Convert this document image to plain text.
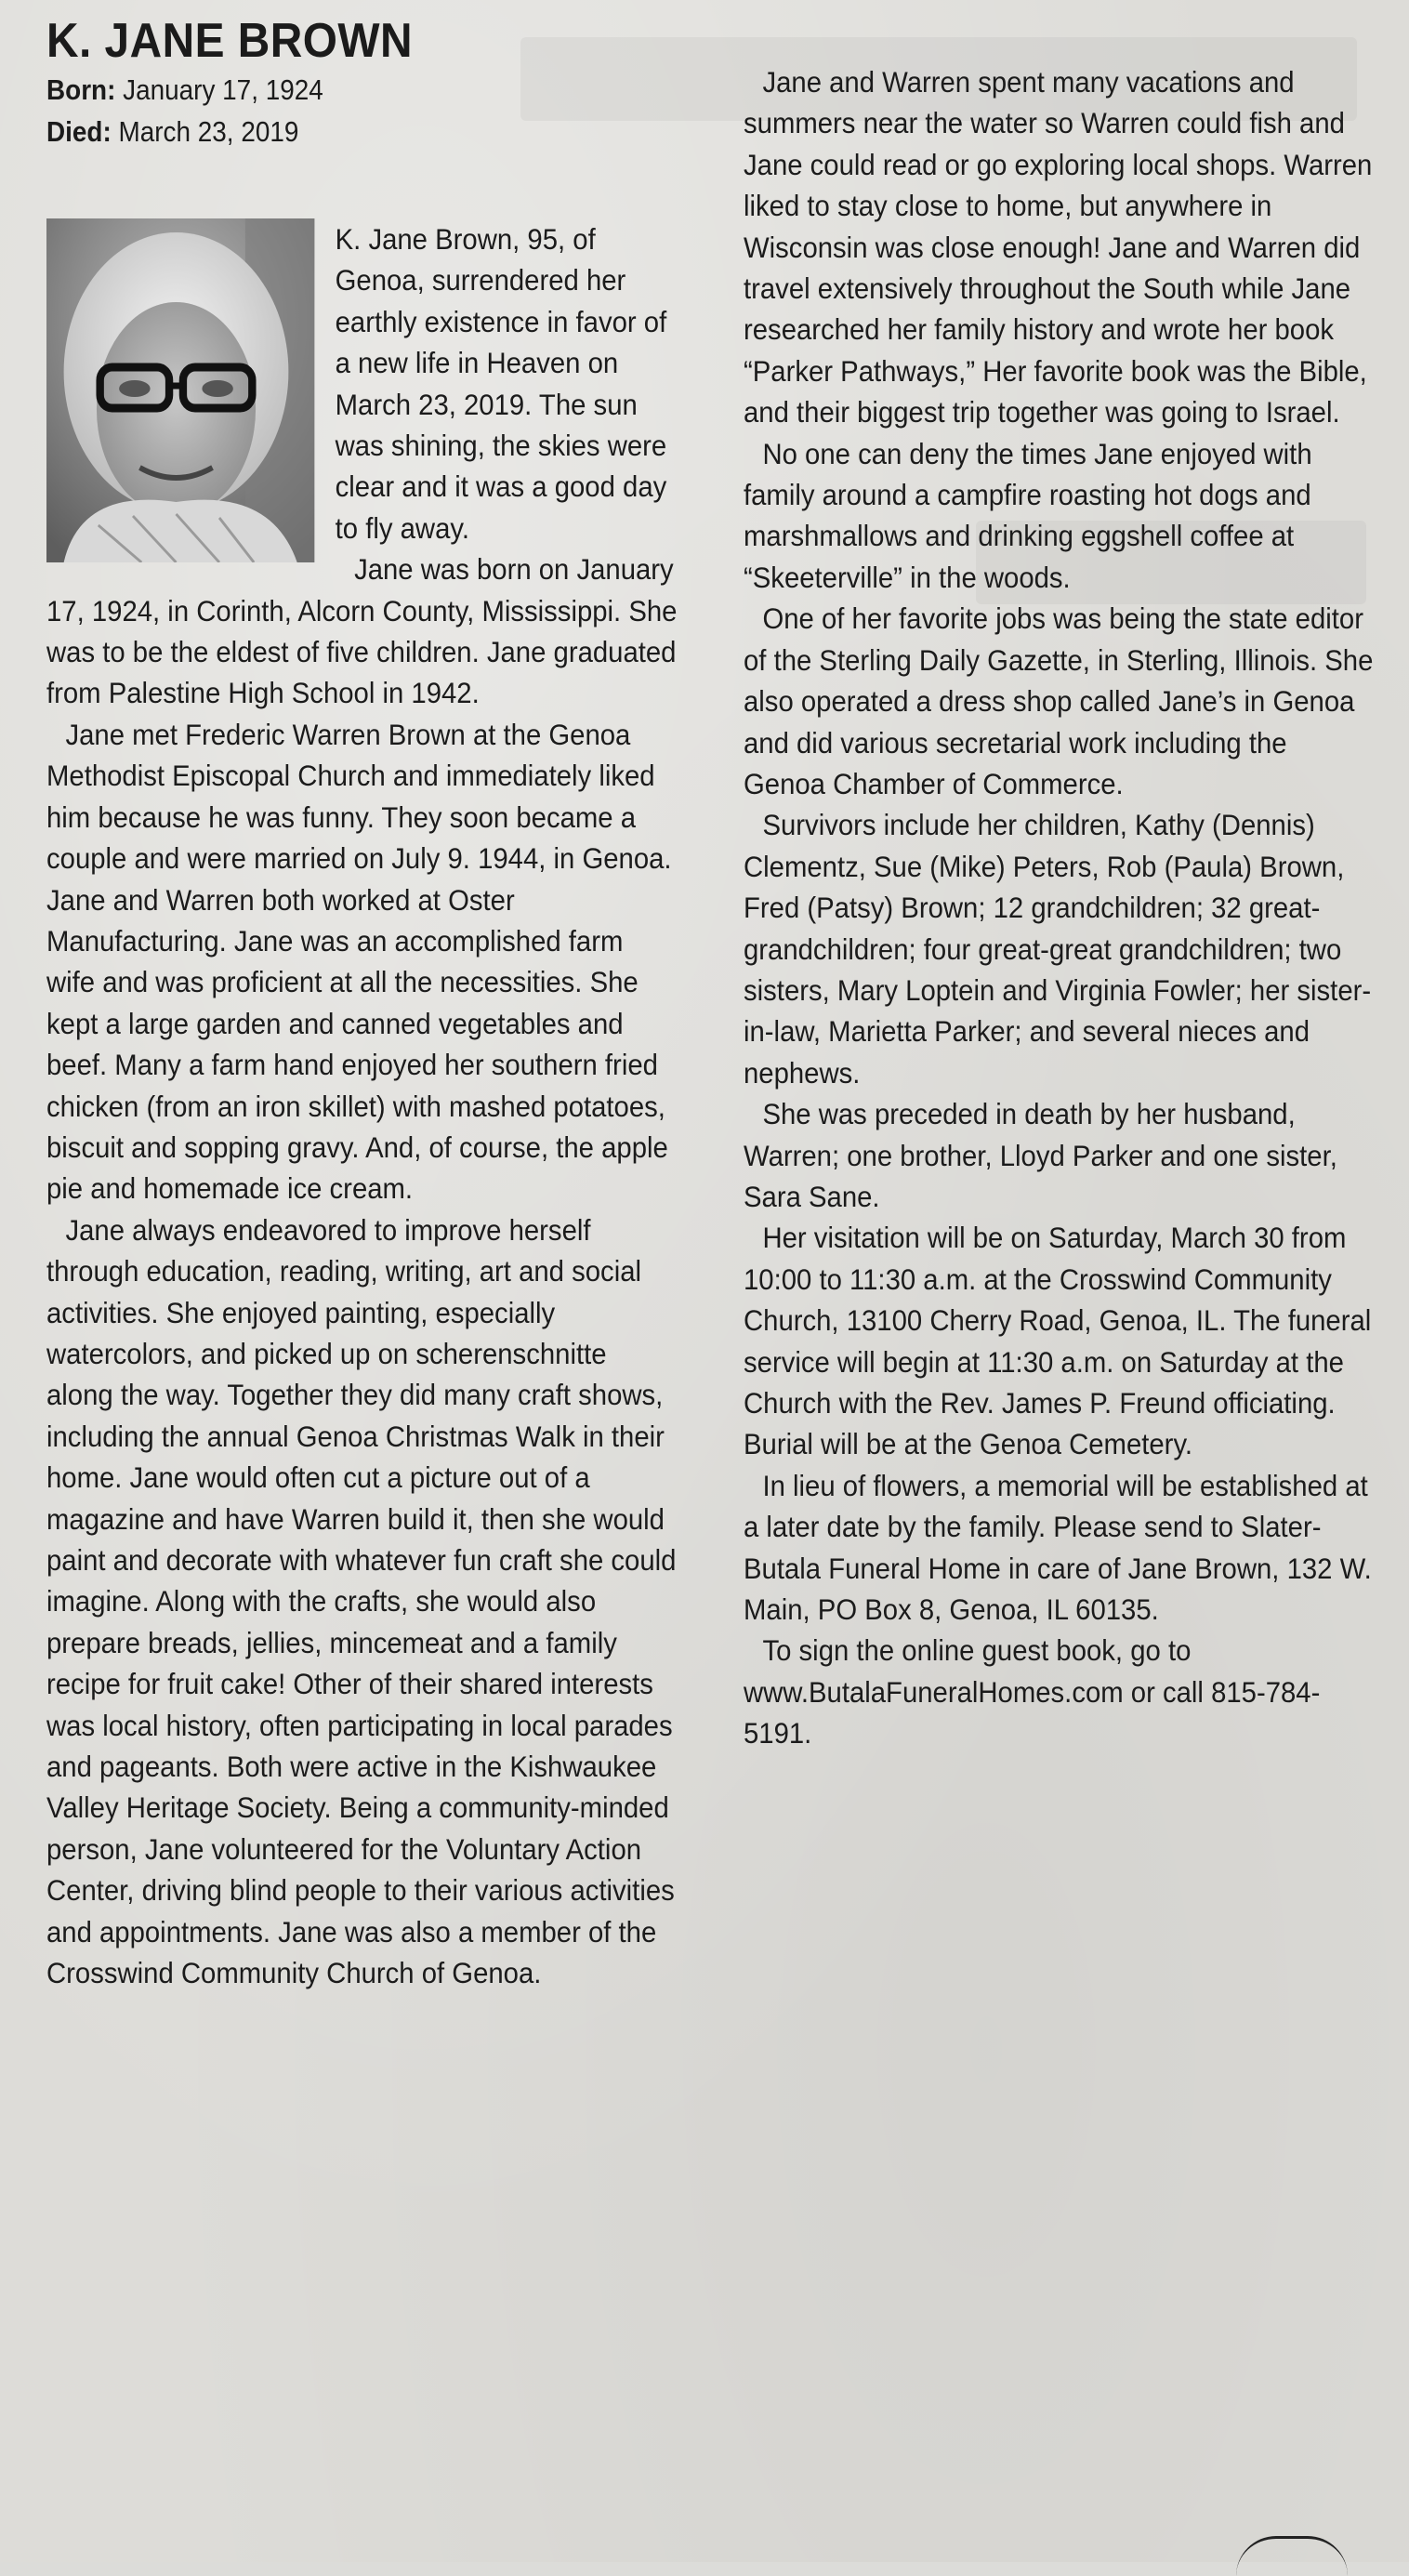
K. JANE BROWN
Born: January 17, 1924
Died: March 23, 2019

K. Jane Brown, 95, of Genoa, surrendered her earthly existence in favor of a new life in Heaven on March 23, 2019. The sun was shining, the skies were clear and it was a good day to fly away.

Jane was born on January 17, 1924, in Corinth, Alcorn County, Mississippi. She was to be the eldest of five children. Jane graduated from Palestine High School in 1942.

Jane met Frederic Warren Brown at the Genoa Methodist Episcopal Church and immediately liked him because he was funny. They soon became a couple and were married on July 9. 1944, in Genoa. Jane and Warren both worked at Oster Manufacturing. Jane was an accomplished farm wife and was proficient at all the necessities. She kept a large garden and canned vegetables and beef. Many a farm hand enjoyed her southern fried chicken (from an iron skillet) with mashed potatoes, biscuit and sopping gravy. And, of course, the apple pie and homemade ice cream.

Jane always endeavored to improve herself through education, reading, writing, art and social activities. She enjoyed painting, especially watercolors, and picked up on scherenschnitte along the way. Together they did many craft shows, including the annual Genoa Christmas Walk in their home. Jane would often cut a picture out of a magazine and have Warren build it, then she would paint and decorate with whatever fun craft she could imagine. Along with the crafts, she would also prepare breads, jellies, mincemeat and a family recipe for fruit cake! Other of their shared interests was local history, often participating in local parades and pageants. Both were active in the Kishwaukee Valley Heritage Society. Being a community-minded person, Jane volunteered for the Voluntary Action Center, driving blind people to their various activities and appointments. Jane was also a member of the Crosswind Community Church of Genoa.

Jane and Warren spent many vacations and summers near the water so Warren could fish and Jane could read or go exploring local shops. Warren liked to stay close to home, but anywhere in Wisconsin was close enough! Jane and Warren did travel extensively throughout the South while Jane researched her family history and wrote her book “Parker Pathways,” Her favorite book was the Bible, and their biggest trip together was going to Israel.

No one can deny the times Jane enjoyed with family around a campfire roasting hot dogs and marshmallows and drinking eggshell coffee at “Skeeterville” in the woods.

One of her favorite jobs was being the state editor of the Sterling Daily Gazette, in Sterling, Illinois. She also operated a dress shop called Jane’s in Genoa and did various secretarial work including the Genoa Chamber of Commerce.

Survivors include her children, Kathy (Dennis) Clementz, Sue (Mike) Peters, Rob (Paula) Brown, Fred (Patsy) Brown; 12 grandchildren; 32 great-grandchildren; four great-great grandchildren; two sisters, Mary Loptein and Virginia Fowler; her sister-in-law, Marietta Parker; and several nieces and nephews.

She was preceded in death by her husband, Warren; one brother, Lloyd Parker and one sister, Sara Sane.

Her visitation will be on Saturday, March 30 from 10:00 to 11:30 a.m. at the Crosswind Community Church, 13100 Cherry Road, Genoa, IL. The funeral service will begin at 11:30 a.m. on Saturday at the Church with the Rev. James P. Freund officiating. Burial will be at the Genoa Cemetery.

In lieu of flowers, a memorial will be established at a later date by the family. Please send to Slater-Butala Funeral Home in care of Jane Brown, 132 W. Main, PO Box 8, Genoa, IL 60135.

To sign the online guest book, go to www.ButalaFuneralHomes.com or call 815-784-5191.
